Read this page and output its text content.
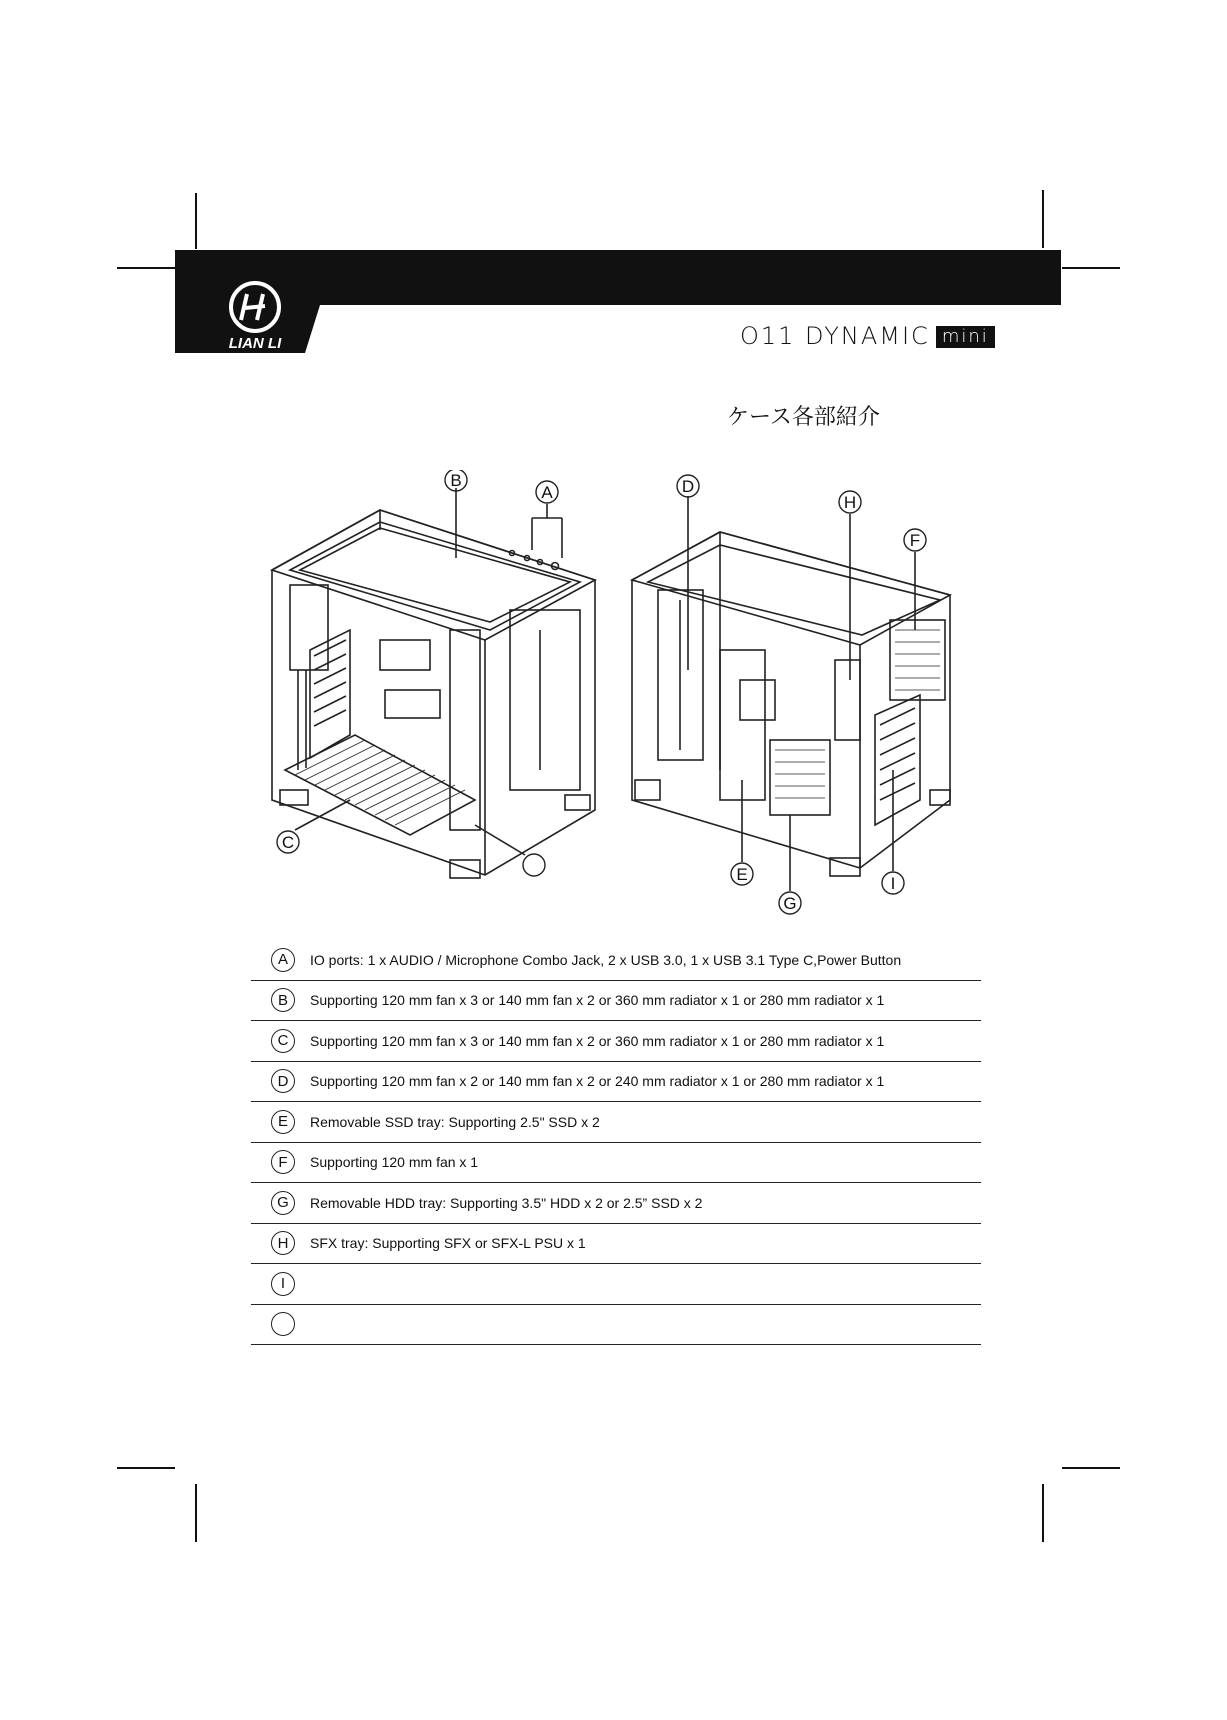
LIAN LI	O11 DYNAMIC mini
ケース各部紹介
B
A
C
D
H
F
E
G
I
A	IO ports: 1 x AUDIO / Microphone Combo Jack, 2 x USB 3.0, 1 x USB 3.1 Type C,Power Button
B	Supporting 120 mm fan x 3 or 140 mm fan x 2 or 360 mm radiator x 1 or 280 mm radiator x 1
C	Supporting 120 mm fan x 3 or 140 mm fan x 2 or 360 mm radiator x 1 or 280 mm radiator x 1
D	Supporting 120 mm fan x 2 or 140 mm fan x 2 or 240 mm radiator x 1 or 280 mm radiator x 1
E	Removable SSD tray: Supporting 2.5" SSD x 2
F	Supporting 120 mm fan x 1
G	Removable HDD tray: Supporting 3.5" HDD x 2 or 2.5” SSD x 2
H	SFX tray: Supporting SFX or SFX-L PSU x 1
I
